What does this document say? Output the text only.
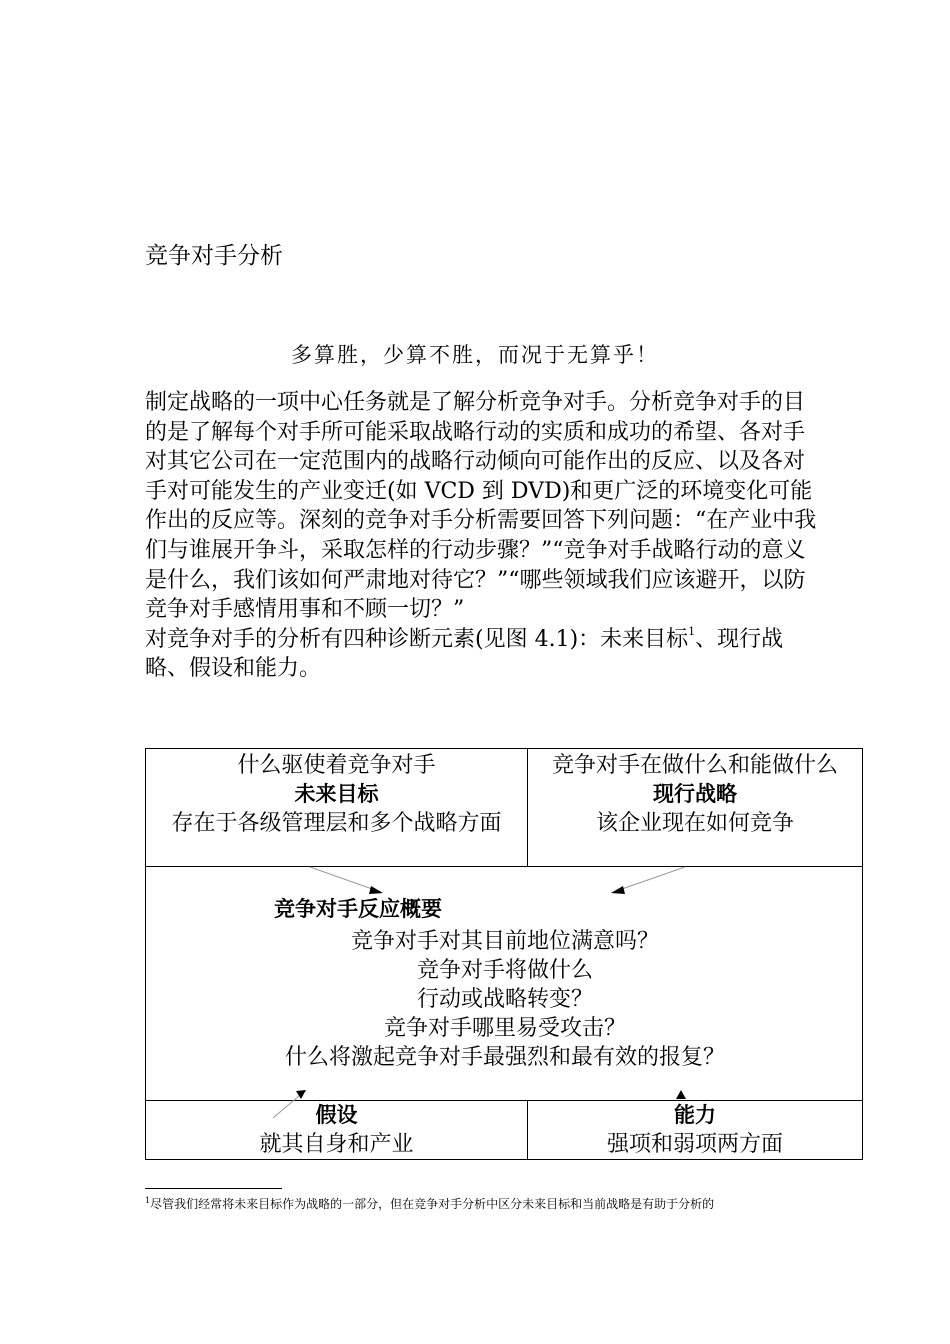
竞争对手分析
多算胜，少算不胜，而况于无算乎！

制定战略的一项中心任务就是了解分析竞争对手。分析竞争对手的目的是了解每个对手所可能采取战略行动的实质和成功的希望、各对手对其它公司在一定范围内的战略行动倾向可能作出的反应、以及各对手对可能发生的产业变迁(如 VCD 到 DVD)和更广泛的环境变化可能作出的反应等。深刻的竞争对手分析需要回答下列问题：“在产业中我们与谁展开争斗，采取怎样的行动步骤？”“竞争对手战略行动的意义是什么，我们该如何严肃地对待它？”“哪些领域我们应该避开，以防竞争对手感情用事和不顾一切？”

对竞争对手的分析有四种诊断元素(见图 4.1)：未来目标$^1$、现行战略、假设和能力。

什么驱使着竞争对手
未来目标
存在于各级管理层和多个战略方面
竞争对手在做什么和能做什么
现行战略
该企业现在如何竞争
竞争对手反应概要
竞争对手对其目前地位满意吗？
竞争对手将做什么
行动或战略转变？
竞争对手哪里易受攻击？
什么将激起竞争对手最强烈和最有效的报复？
假设
就其自身和产业
能力
强项和弱项两方面
$^1$尽管我们经常将未来目标作为战略的一部分，但在竞争对手分析中区分未来目标和当前战略是有助于分析的
